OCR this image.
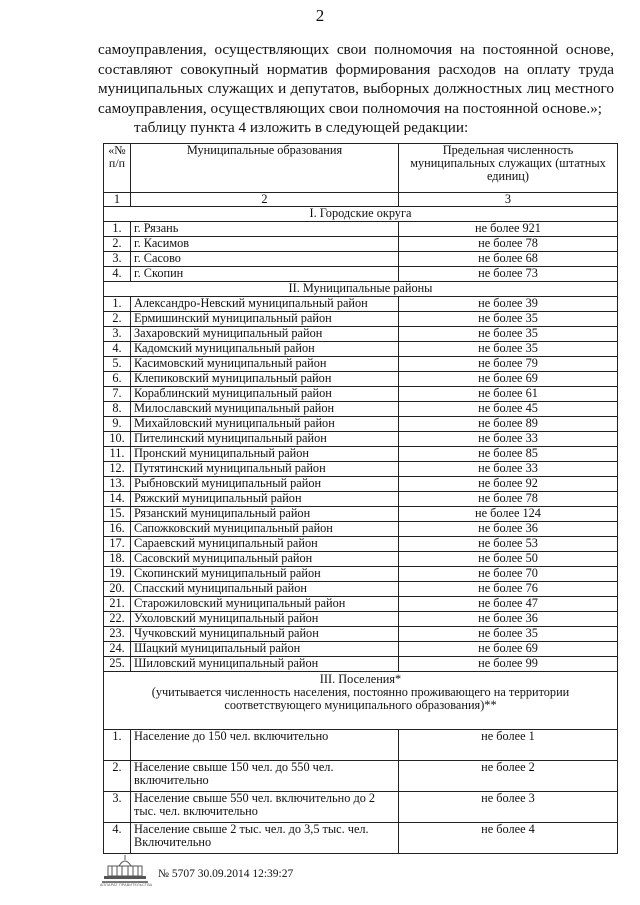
2

самоуправления, осуществляющих свои полномочия на постоянной основе, составляют совокупный норматив формирования расходов на оплату труда муниципальных служащих и депутатов, выборных должностных лиц местного самоуправления, осуществляющих свои полномочия на постоянной основе.»;

таблицу пункта 4 изложить в следующей редакции:

«№ п/п	Муниципальные образования	Предельная численность муниципальных служащих (штатных единиц)
1	2	3
I. Городские округа		
1.	г. Рязань	не более 921
2.	г. Касимов	не более 78
3.	г. Сасово	не более 68
4.	г. Скопин	не более 73
II. Муниципальные районы		
1.	Александро-Невский муниципальный район	не более 39
2.	Ермишинский муниципальный район	не более 35
3.	Захаровский муниципальный район	не более 35
4.	Кадомский муниципальный район	не более 35
5.	Касимовский муниципальный район	не более 79
6.	Клепиковский муниципальный район	не более 69
7.	Кораблинский муниципальный район	не более 61
8.	Милославский муниципальный район	не более 45
9.	Михайловский муниципальный район	не более 89
10.	Пителинский муниципальный район	не более 33
11.	Пронский муниципальный район	не более 85
12.	Путятинский муниципальный район	не более 33
13.	Рыбновский муниципальный район	не более 92
14.	Ряжский муниципальный район	не более 78
15.	Рязанский муниципальный район	не более 124
16.	Сапожковский муниципальный район	не более 36
17.	Сараевский муниципальный район	не более 53
18.	Сасовский муниципальный район	не более 50
19.	Скопинский муниципальный район	не более 70
20.	Спасский муниципальный район	не более 76
21.	Старожиловский муниципальный район	не более 47
22.	Ухоловский муниципальный район	не более 36
23.	Чучковский муниципальный район	не более 35
24.	Шацкий муниципальный район	не более 69
25.	Шиловский муниципальный район	не более 99

III. Поселения*
(учитывается численность населения, постоянно проживающего на территории соответствующего муниципального образования)**		

1.	Население до 150 чел. включительно	не более 1
2.	Население свыше 150 чел. до 550 чел. включительно	не более 2
3.	Население свыше 550 чел. включительно до 2 тыс. чел. включительно	не более 3
4.	Население свыше 2 тыс. чел. до 3,5 тыс. чел. Включительно	не более 4
АППАРАТ ПРАВИТЕЛЬСТВА
№ 5707 30.09.2014 12:39:27
